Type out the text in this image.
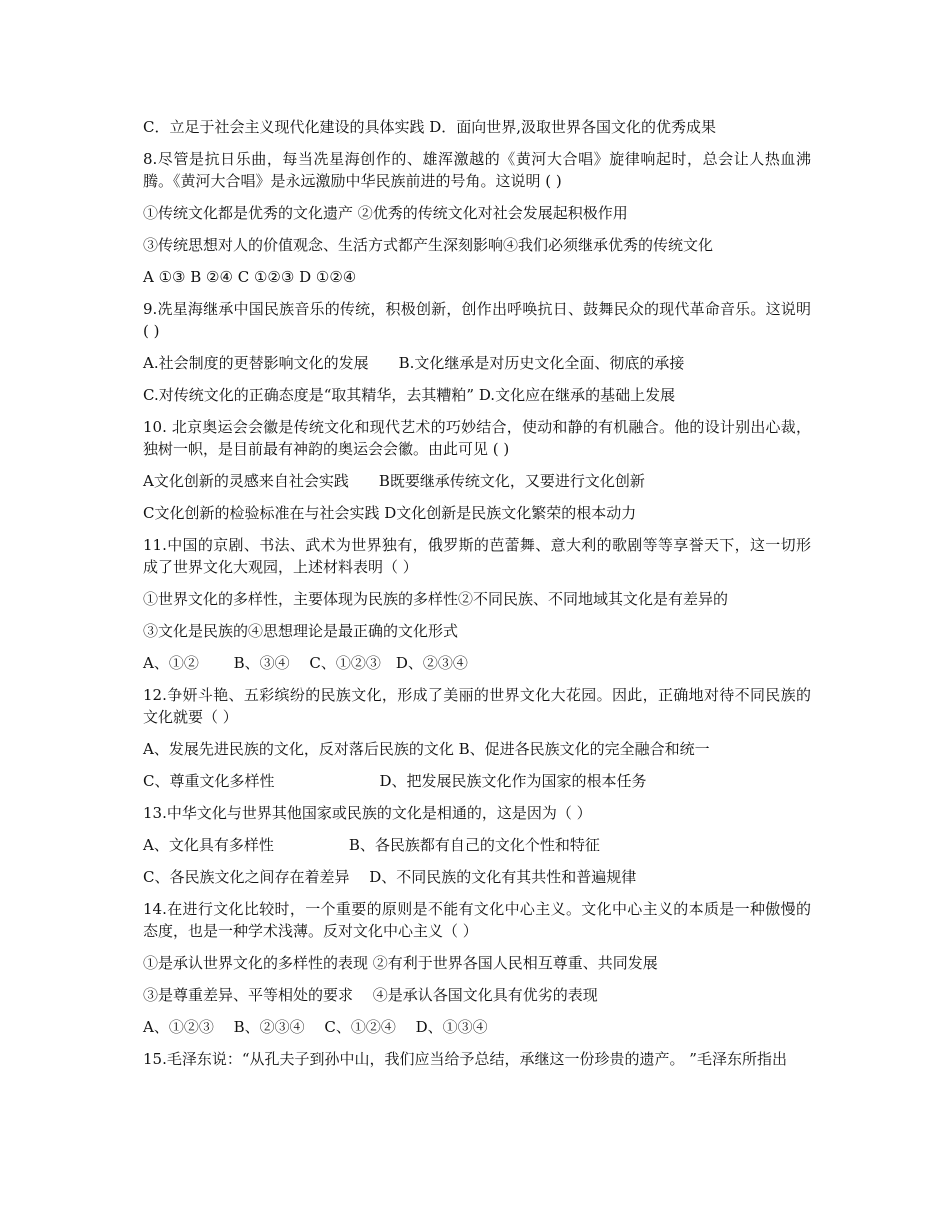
C．立足于社会主义现代化建设的具体实践 D．面向世界,汲取世界各国文化的优秀成果
8.尽管是抗日乐曲，每当冼星海创作的、雄浑激越的《黄河大合唱》旋律响起时，总会让人热血沸腾。《黄河大合唱》是永远激励中华民族前进的号角。这说明 ( )
①传统文化都是优秀的文化遗产 ②优秀的传统文化对社会发展起积极作用
③传统思想对人的价值观念、生活方式都产生深刻影响④我们必须继承优秀的传统文化
A ①③ B ②④ C ①②③ D ①②④
9.冼星海继承中国民族音乐的传统，积极创新，创作出呼唤抗日、鼓舞民众的现代革命音乐。这说明 ( )
A.社会制度的更替影响文化的发展　　B.文化继承是对历史文化全面、彻底的承接
C.对传统文化的正确态度是“取其精华，去其糟粕” D.文化应在继承的基础上发展
10. 北京奥运会会徽是传统文化和现代艺术的巧妙结合，使动和静的有机融合。他的设计别出心裁，独树一帜，是目前最有神韵的奥运会会徽。由此可见 ( )
A文化创新的灵感来自社会实践　　B既要继承传统文化，又要进行文化创新
C文化创新的检验标准在与社会实践 D文化创新是民族文化繁荣的根本动力
11.中国的京剧、书法、武术为世界独有，俄罗斯的芭蕾舞、意大利的歌剧等等享誉天下，这一切形成了世界文化大观园，上述材料表明（ ）
①世界文化的多样性，主要体现为民族的多样性②不同民族、不同地域其文化是有差异的
③文化是民族的④思想理论是最正确的文化形式
A、①②　　 B、③④　 C、①②③　D、②③④
12.争妍斗艳、五彩缤纷的民族文化，形成了美丽的世界文化大花园。因此，正确地对待不同民族的文化就要（ ）
A、发展先进民族的文化，反对落后民族的文化 B、促进各民族文化的完全融合和统一
C、尊重文化多样性　　　　　　　D、把发展民族文化作为国家的根本任务
13.中华文化与世界其他国家或民族的文化是相通的，这是因为（ ）
A、文化具有多样性　　　　　B、各民族都有自己的文化个性和特征
C、各民族文化之间存在着差异　 D、不同民族的文化有其共性和普遍规律
14.在进行文化比较时，一个重要的原则是不能有文化中心主义。文化中心主义的本质是一种傲慢的态度，也是一种学术浅薄。反对文化中心主义（ ）
①是承认世界文化的多样性的表现 ②有利于世界各国人民相互尊重、共同发展
③是尊重差异、平等相处的要求　 ④是承认各国文化具有优劣的表现
A、①②③　 B、②③④　 C、①②④　 D、①③④
15.毛泽东说：“从孔夫子到孙中山，我们应当给予总结，承继这一份珍贵的遗产。 ”毛泽东所指出
